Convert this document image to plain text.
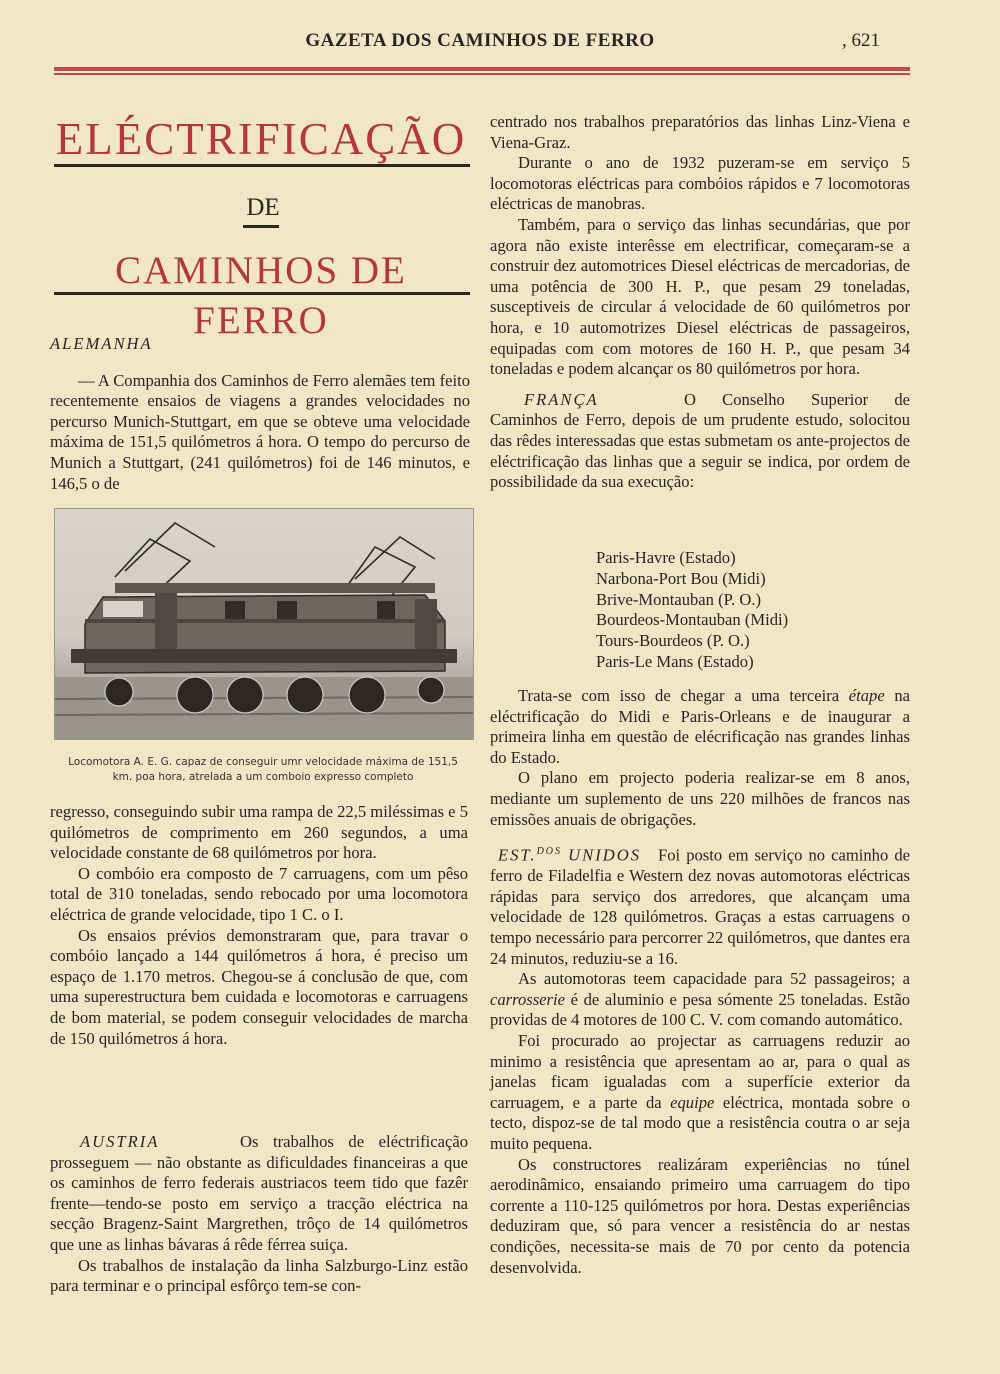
GAZETA DOS CAMINHOS DE FERRO	, 621
ELÉCTRIFICAÇÃO
DE
CAMINHOS DE FERRO

ALEMANHA

— A Companhia dos Caminhos de Ferro alemães tem feito recentemente ensaios de viagens a grandes velocidades no percurso Munich-Stuttgart, em que se obteve uma velocidade máxima de 151,5 quilómetros á hora. O tempo do percurso de Munich a Stuttgart, (241 quilómetros) foi de 146 minutos, e 146,5 o de

Locomotora A. E. G. capaz de conseguir umr velocidade máxima de 151,5 km. poa hora, atrelada a um comboio expresso completo

regresso, conseguindo subir uma rampa de 22,5 miléssimas e 5 quilómetros de comprimento em 260 segundos, a uma velocidade constante de 68 quilómetros por hora.

O combóio era composto de 7 carruagens, com um pêso total de 310 toneladas, sendo rebocado por uma locomotora eléctrica de grande velocidade, tipo 1 C. o I.

Os ensaios prévios demonstraram que, para travar o combóio lançado a 144 quilómetros á hora, é preciso um espaço de 1.170 metros. Chegou-se á conclusão de que, com uma superestructura bem cuidada e locomotoras e carruagens de bom material, se podem conseguir velocidades de marcha de 150 quilómetros á hora.

AUSTRIA	Os trabalhos de eléctrificação prosseguem — não obstante as dificuldades financeiras a que os caminhos de ferro federais austriacos teem tido que fazêr frente—tendo-se posto em serviço a tracção eléctrica na secção Bragenz-Saint Margrethen, trôço de 14 quilómetros que une as linhas bávaras á rêde férrea suiça.

Os trabalhos de instalação da linha Salzburgo-Linz estão para terminar e o principal esfôrço tem-se con-

centrado nos trabalhos preparatórios das linhas Linz-Viena e Viena-Graz.

Durante o ano de 1932 puzeram-se em serviço 5 locomotoras eléctricas para combóios rápidos e 7 locomotoras eléctricas de manobras.

Também, para o serviço das linhas secundárias, que por agora não existe interêsse em electrificar, começaram-se a construir dez automotrices Diesel eléctricas de mercadorias, de uma potência de 300 H. P., que pesam 29 toneladas, susceptiveis de circular á velocidade de 60 quilómetros por hora, e 10 automotrizes Diesel eléctricas de passageiros, equipadas com com motores de 160 H. P., que pesam 34 toneladas e podem alcançar os 80 quilómetros por hora.

FRANÇA	O Conselho Superior de Caminhos de Ferro, depois de um prudente estudo, solocitou das rêdes interessadas que estas submetam os ante-projectos de eléctrificação das linhas que a seguir se indica, por ordem de possibilidade da sua execução:

Paris-Havre (Estado)
Narbona-Port Bou (Midi)
Brive-Montauban (P. O.)
Bourdeos-Montauban (Midi)
Tours-Bourdeos (P. O.)
Paris-Le Mans (Estado)

Trata-se com isso de chegar a uma terceira étape na eléctrificação do Midi e Paris-Orleans e de inaugurar a primeira linha em questão de elécrificação nas grandes linhas do Estado.

O plano em projecto poderia realizar-se em 8 anos, mediante um suplemento de uns 220 milhões de francos nas emissões anuais de obrigações.

EST.$^{DOS}$ UNIDOS Foi posto em serviço no caminho de ferro de Filadelfia e Western dez novas automotoras eléctricas rápidas para serviço dos arredores, que alcançam uma velocidade de 128 quilómetros. Graças a estas carruagens o tempo necessário para percorrer 22 quilómetros, que dantes era 24 minutos, reduziu-se a 16.

As automotoras teem capacidade para 52 passageiros; a carrosserie é de aluminio e pesa sómente 25 toneladas. Estão providas de 4 motores de 100 C. V. com comando automático.

Foi procurado ao projectar as carruagens reduzir ao minimo a resistência que apresentam ao ar, para o qual as janelas ficam igualadas com a superfície exterior da carruagem, e a parte da equipe eléctrica, montada sobre o tecto, dispoz-se de tal modo que a resistência coutra o ar seja muito pequena.

Os constructores realizáram experiências no túnel aerodinâmico, ensaiando primeiro uma carruagem do tipo corrente a 110-125 quilómetros por hora. Destas experiências deduziram que, só para vencer a resistência do ar nestas condições, necessita-se mais de 70 por cento da potencia desenvolvida.
